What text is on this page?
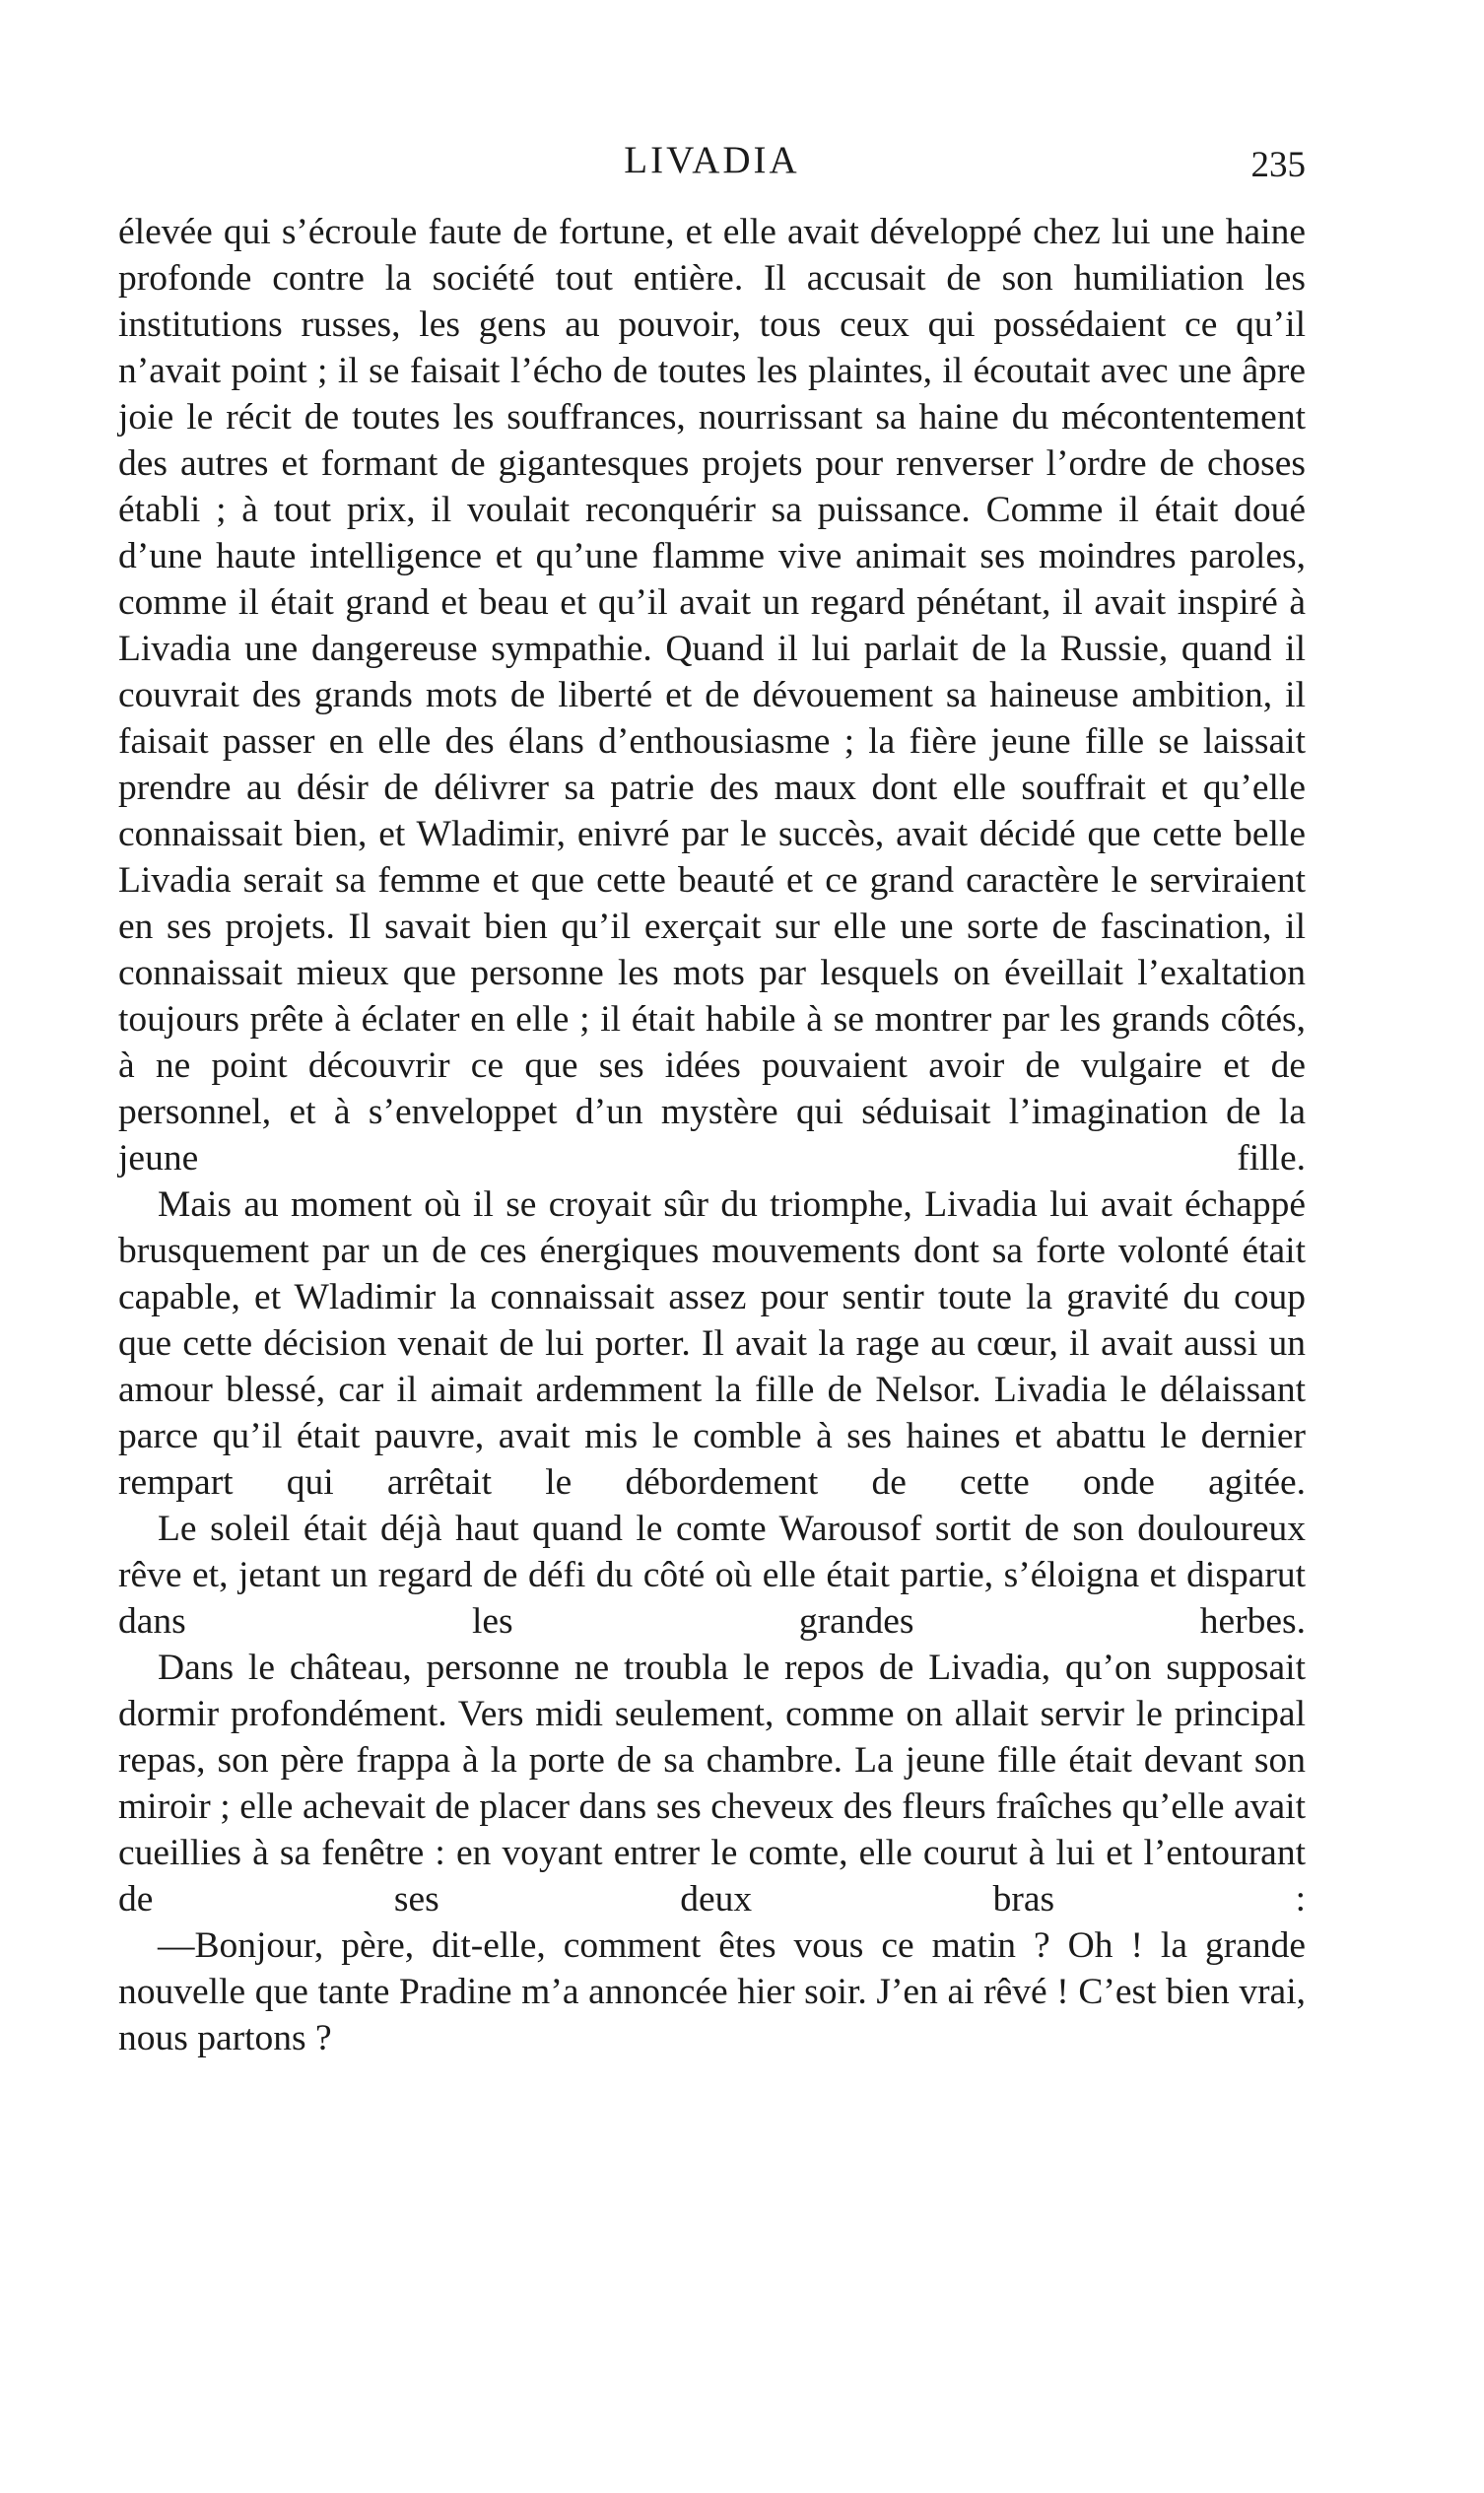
LIVADIA	235

élevée qui s’écroule faute de fortune, et elle avait développé chez lui une haine profonde contre la société tout entière. Il accusait de son humiliation les institutions russes, les gens au pouvoir, tous ceux qui possédaient ce qu’il n’avait point ; il se faisait l’écho de toutes les plaintes, il écoutait avec une âpre joie le récit de toutes les souffrances, nourrissant sa haine du mécontentement des autres et formant de gigantesques projets pour renverser l’ordre de choses établi ; à tout prix, il voulait reconquérir sa puissance. Comme il était doué d’une haute intelligence et qu’une flamme vive animait ses moindres paroles, comme il était grand et beau et qu’il avait un regard pénétant, il avait inspiré à Livadia une dangereuse sympathie. Quand il lui parlait de la Russie, quand il couvrait des grands mots de liberté et de dévouement sa haineuse ambition, il faisait passer en elle des élans d’enthousiasme ; la fière jeune fille se laissait prendre au désir de délivrer sa patrie des maux dont elle souffrait et qu’elle connaissait bien, et Wladimir, enivré par le succès, avait décidé que cette belle Livadia serait sa femme et que cette beauté et ce grand caractère le serviraient en ses projets. Il savait bien qu’il exerçait sur elle une sorte de fascination, il connaissait mieux que personne les mots par lesquels on éveillait l’exaltation toujours prête à éclater en elle ; il était habile à se montrer par les grands côtés, à ne point découvrir ce que ses idées pouvaient avoir de vulgaire et de personnel, et à s’enveloppet d’un mystère qui séduisait l’imagination de la jeune fille.

Mais au moment où il se croyait sûr du triomphe, Livadia lui avait échappé brusquement par un de ces énergiques mouvements dont sa forte volonté était capable, et Wladimir la connaissait assez pour sentir toute la gravité du coup que cette décision venait de lui porter. Il avait la rage au cœur, il avait aussi un amour blessé, car il aimait ardemment la fille de Nelsor. Livadia le délaissant parce qu’il était pauvre, avait mis le comble à ses haines et abattu le dernier rempart qui arrêtait le débordement de cette onde agitée.

Le soleil était déjà haut quand le comte Warousof sortit de son douloureux rêve et, jetant un regard de défi du côté où elle était partie, s’éloigna et disparut dans les grandes herbes.

Dans le château, personne ne troubla le repos de Livadia, qu’on supposait dormir profondément. Vers midi seulement, comme on allait servir le principal repas, son père frappa à la porte de sa chambre. La jeune fille était devant son miroir ; elle achevait de placer dans ses cheveux des fleurs fraîches qu’elle avait cueillies à sa fenêtre : en voyant entrer le comte, elle courut à lui et l’entourant de ses deux bras :

—Bonjour, père, dit-elle, comment êtes vous ce matin ? Oh ! la grande nouvelle que tante Pradine m’a annoncée hier soir. J’en ai rêvé ! C’est bien vrai, nous partons ?
